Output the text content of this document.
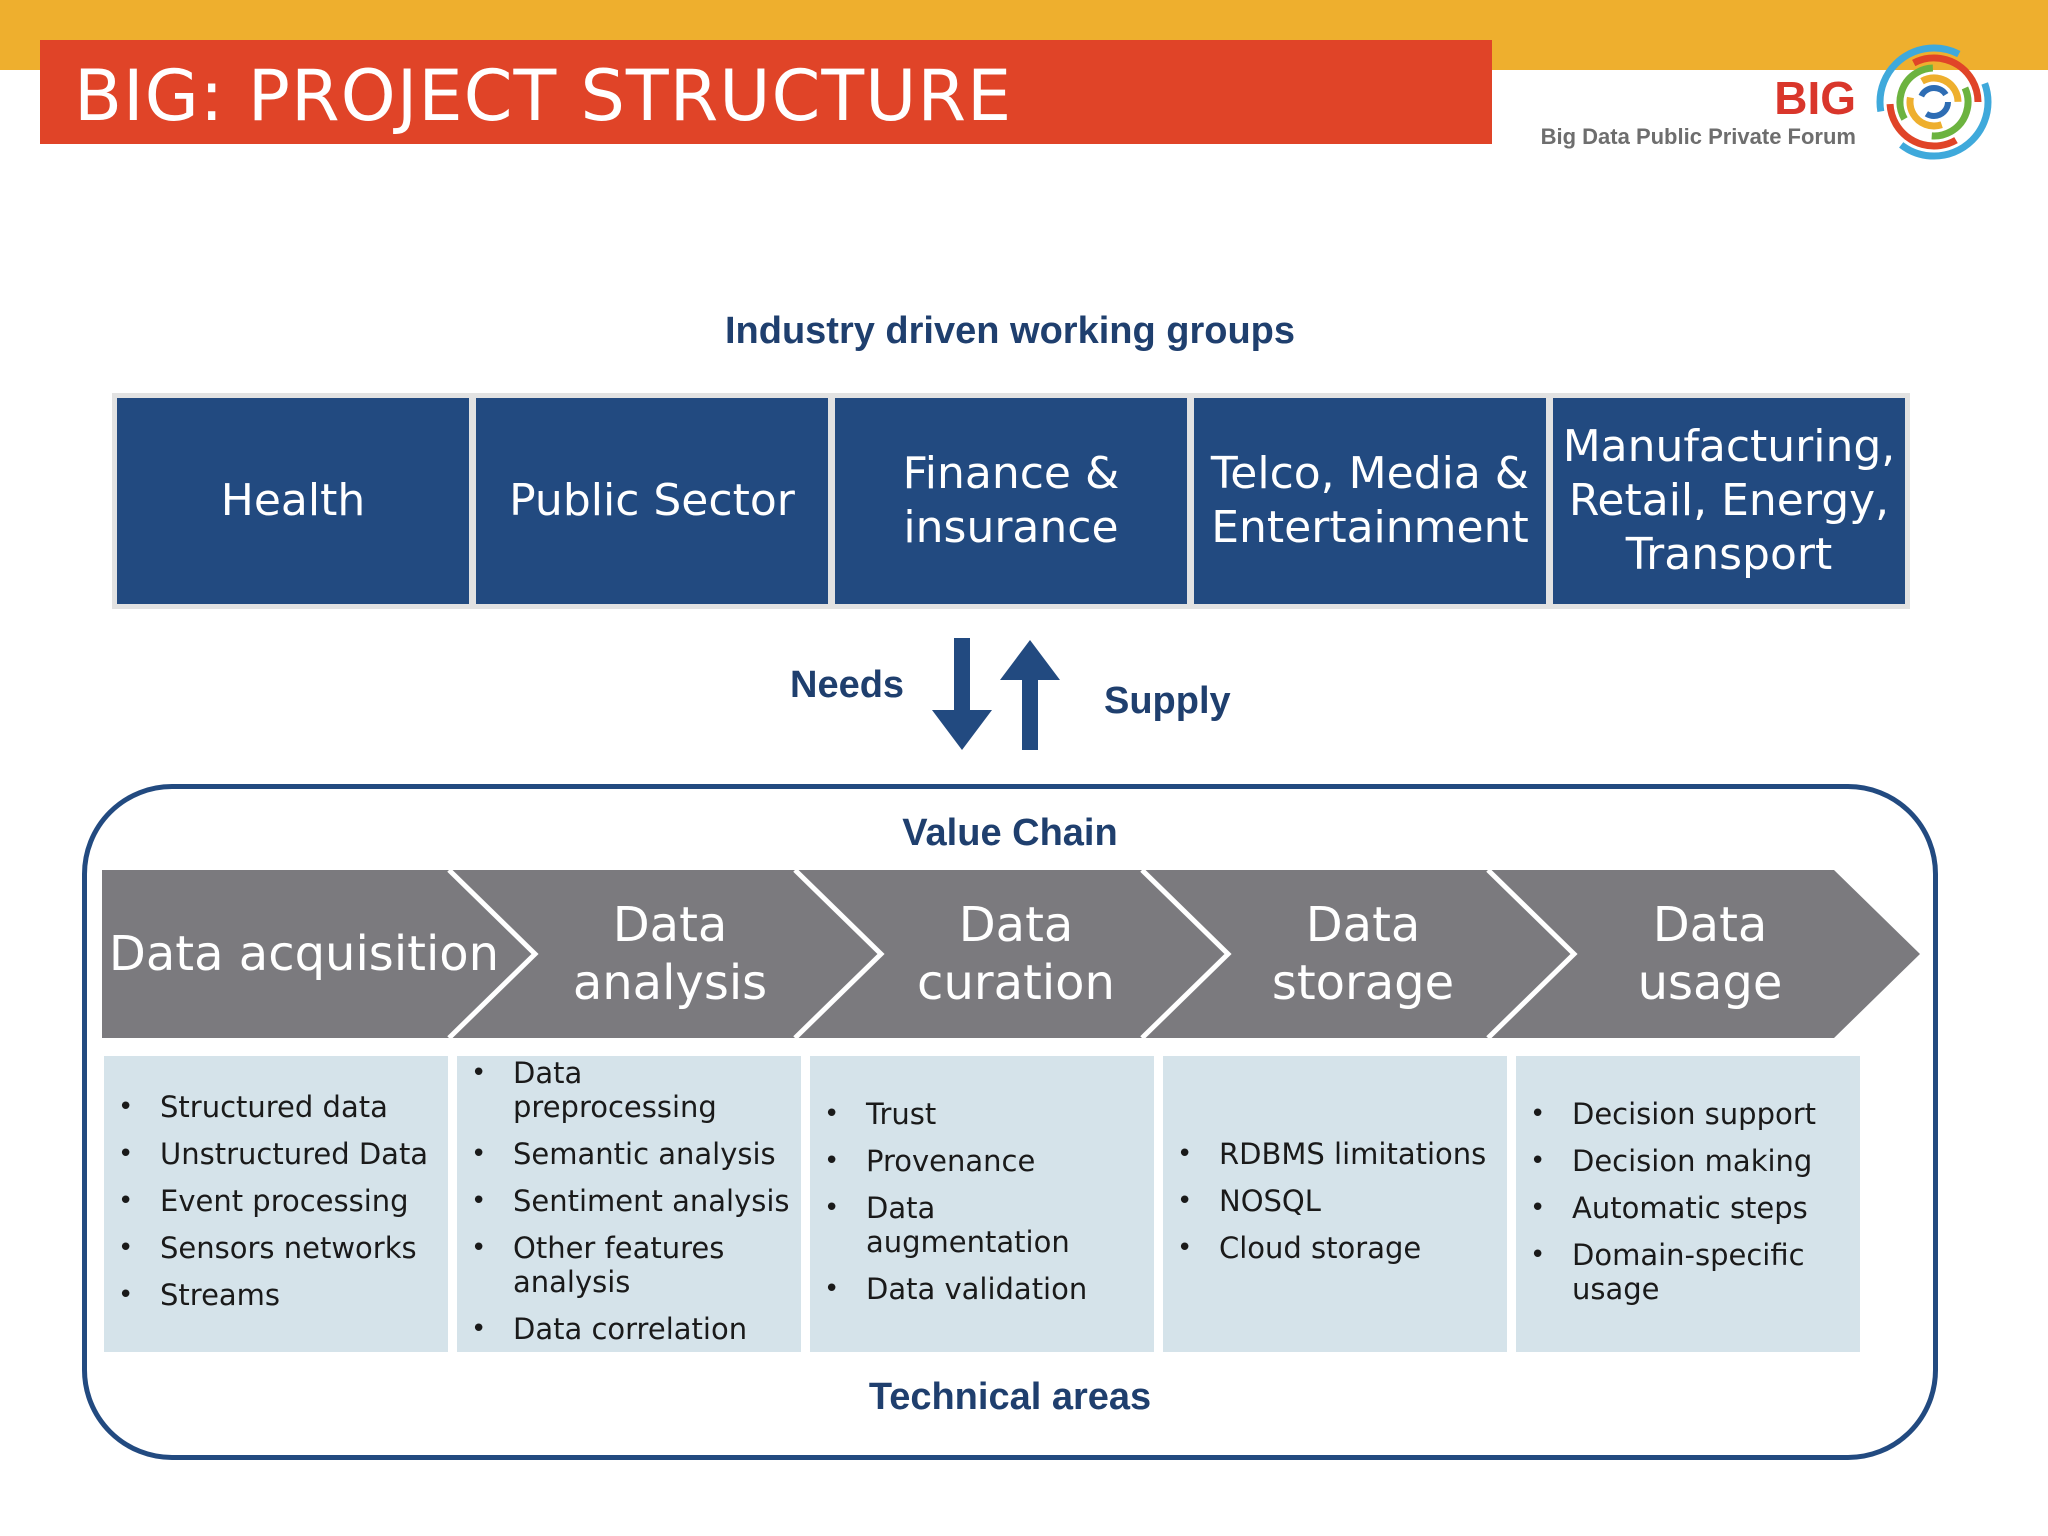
BIG: PROJECT STRUCTURE	BIG
Big Data Public Private Forum
Industry driven working groups
Health	Public Sector
Finance &
insurance
Telco, Media &
Entertainment
Manufacturing,
Retail, Energy,
Transport
Needs	Supply
Value Chain
Data acquisition
Data
analysis
Data
curation
Data
storage
Data
usage
• Structured data
• Unstructured Data
• Event processing
• Sensors networks
• Streams
• Data preprocessing
• Semantic analysis
• Sentiment analysis
• Other features analysis
• Data correlation
• Trust
• Provenance
• Data augmentation
• Data validation
• RDBMS limitations
• NOSQL
• Cloud storage
• Decision support
• Decision making
• Automatic steps
• Domain-specific usage
Technical areas
